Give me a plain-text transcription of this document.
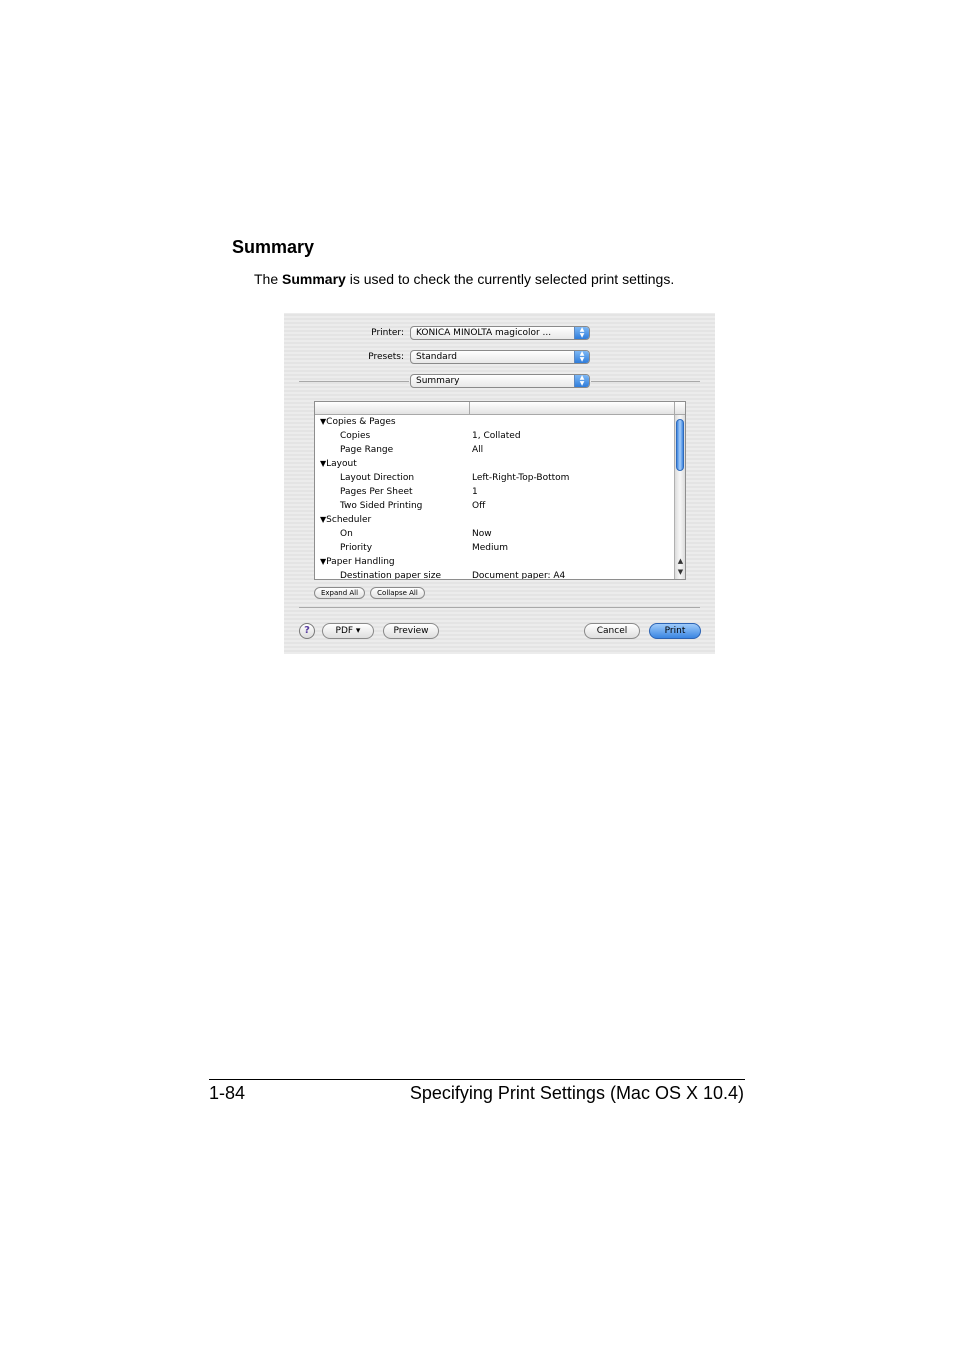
Summary
The Summary is used to check the currently selected print settings.
Printer:	KONICA MINOLTA magicolor ...	▲
▼
Presets:	Standard	▲
▼
Summary	▲
▼
▼Copies & Pages
Copies	1, Collated
Page Range	All
▼Layout
Layout Direction	Left-Right-Top-Bottom
Pages Per Sheet	1
Two Sided Printing	Off
▼Scheduler
On	Now
Priority	Medium
▼Paper Handling
Destination paper size	Document paper: A4
▲
▼
Expand All	Collapse All
?	PDF ▾	Preview	Cancel	Print
1-84	Specifying Print Settings (Mac OS X 10.4)
